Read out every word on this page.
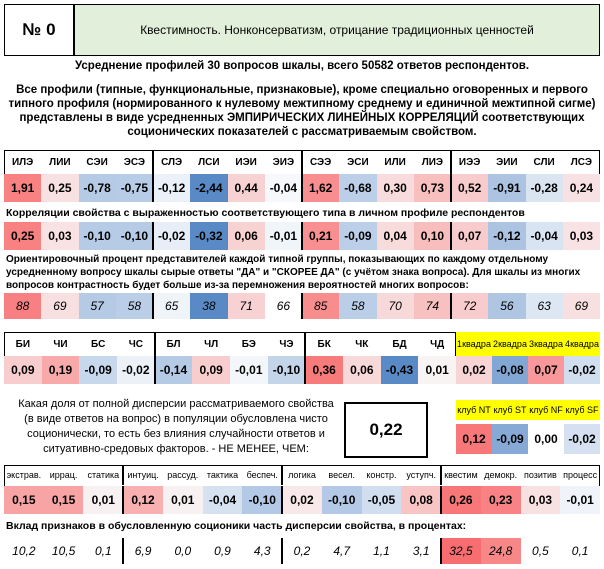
№ 0	Квестимность. Нонконсерватизм, отрицание традиционных ценностей
Усреднение профилей 30 вопросов шкалы, всего 50582 ответов респондентов.
Все профили (типные, функциональные, признаковые), кроме специально оговоренных и первого типного профиля (нормированного к нулевому межтипному среднему и единичной межтипной сигме) представлены в виде усредненных ЭМПИРИЧЕСКИХ ЛИНЕЙНЫХ КОРРЕЛЯЦИЙ соответствующих соционических показателей с рассматриваемым свойством.
ИЛЭ	ЛИИ	СЭИ	ЭСЭ	СЛЭ	ЛСИ	ИЭИ	ЭИЭ	СЭЭ	ЭСИ	ИЛИ	ЛИЭ	ИЭЭ	ЭИИ	СЛИ	ЛСЭ
1,91	0,25 -0,78 -0,75 -0,12 -2,44 0,44 -0,04 1,62 -0,68 0,30	0,73	0,52 -0,91 -0,28 0,24
Корреляции свойства с выраженностью соответствующего типа в личном профиле респондентов
0,25	0,03 -0,10 -0,10 -0,02 -0,32 0,06 -0,01 0,21 -0,09 0,04	0,10	0,07 -0,12 -0,04 0,03
Ориентировочный процент представителей каждой типной группы, показывающих по каждому отдельному усредненному вопросу шкалы сырые ответы "ДА" и "СКОРЕЕ ДА" (с учётом знака вопроса). Для шкалы из многих вопросов контрастность будет больше из-за перемножения вероятностей многих вопросов:
88	69	57	58	65	38	71	66	85	58	70	74	72	56	63	69
БИ	ЧИ	БС	ЧС	БЛ	ЧЛ	БЭ	ЧЭ	БК	ЧК	БД	ЧД
0,09	0,19	-0,09 -0,02 -0,14	0,09	-0,01 -0,10	0,36	0,06	-0,43	0,01
1 квадра 2 квадра 3 квадра 4 квадра
0,02 -0,08 0,07 -0,02
Какая доля от полной дисперсии рассматриваемого свойства (в виде ответов на вопрос) в популяции обусловлена чисто соционически, то есть без влияния случайности ответов и ситуативно-средовых факторов. - НЕ МЕНЕЕ, ЧЕМ:
0,22
клуб NT клуб ST клуб NF клуб SF
0,12 -0,09 0,00 -0,02
экстрав. иррац.	статика интуиц. рассуд. тактика беспеч.	логика	весел.	констр.	уступч. квестим демокр. позитив процесс
0,15	0,15	0,01	0,12	0,01	-0,04	-0,10	0,02	-0,10	-0,05	0,08	0,26	0,23	0,03	-0,01
Вклад признаков в обусловленную соционики часть дисперсии свойства, в процентах:
10,2	10,5	0,1	6,9	0,0	0,9	4,3	0,2	4,7	1,1	3,1	32,5	24,8	0,5	0,1
